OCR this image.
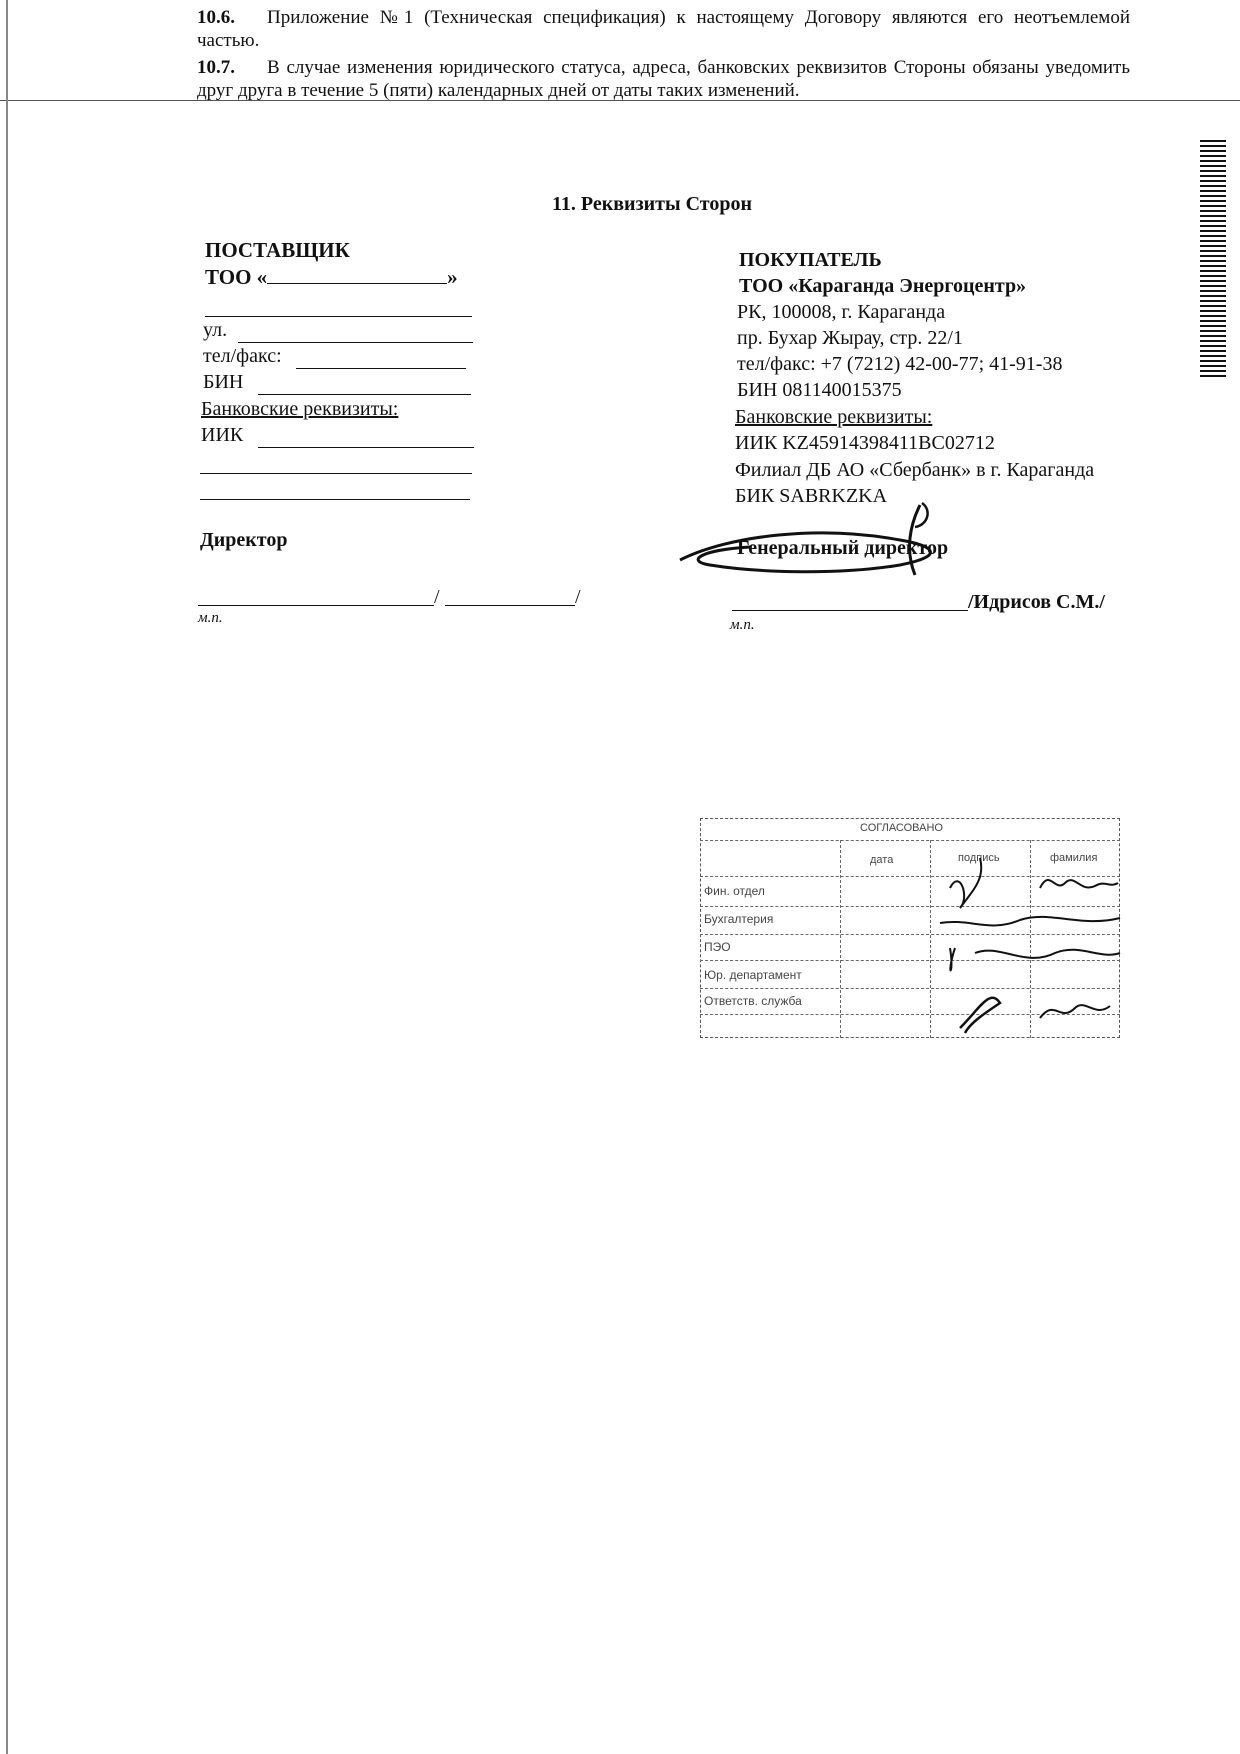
Приложение №1 (Техническая спецификация) к настоящему Договору являются его неотъемлемой частью.
10.6.
В случае изменения юридического статуса, адреса, банковских реквизитов Стороны обязаны уведомить друг друга в течение 5 (пяти) календарных дней от даты таких изменений.
10.7.
11. Реквизиты Сторон
ПОСТАВЩИК
ТОО «	»
ул.
тел/факс:
БИН
Банковские реквизиты:
ИИК
Директор
/	/
м.п.
ПОКУПАТЕЛЬ
ТОО «Караганда Энергоцентр»
РК, 100008, г. Караганда
пр. Бухар Жырау, стр. 22/1
тел/факс: +7 (7212) 42-00-77; 41-91-38
БИН 081140015375
Банковские реквизиты:
ИИК KZ45914398411BC02712
Филиал ДБ АО «Сбербанк» в г. Караганда
БИК SABRKZKA
Генеральный директор
/Идрисов С.М./
м.п.
СОГЛАСОВАНО
дата	подпись	фамилия
Фин. отдел
Бухгалтерия
ПЭО
Юр. департамент
Ответств. служба
